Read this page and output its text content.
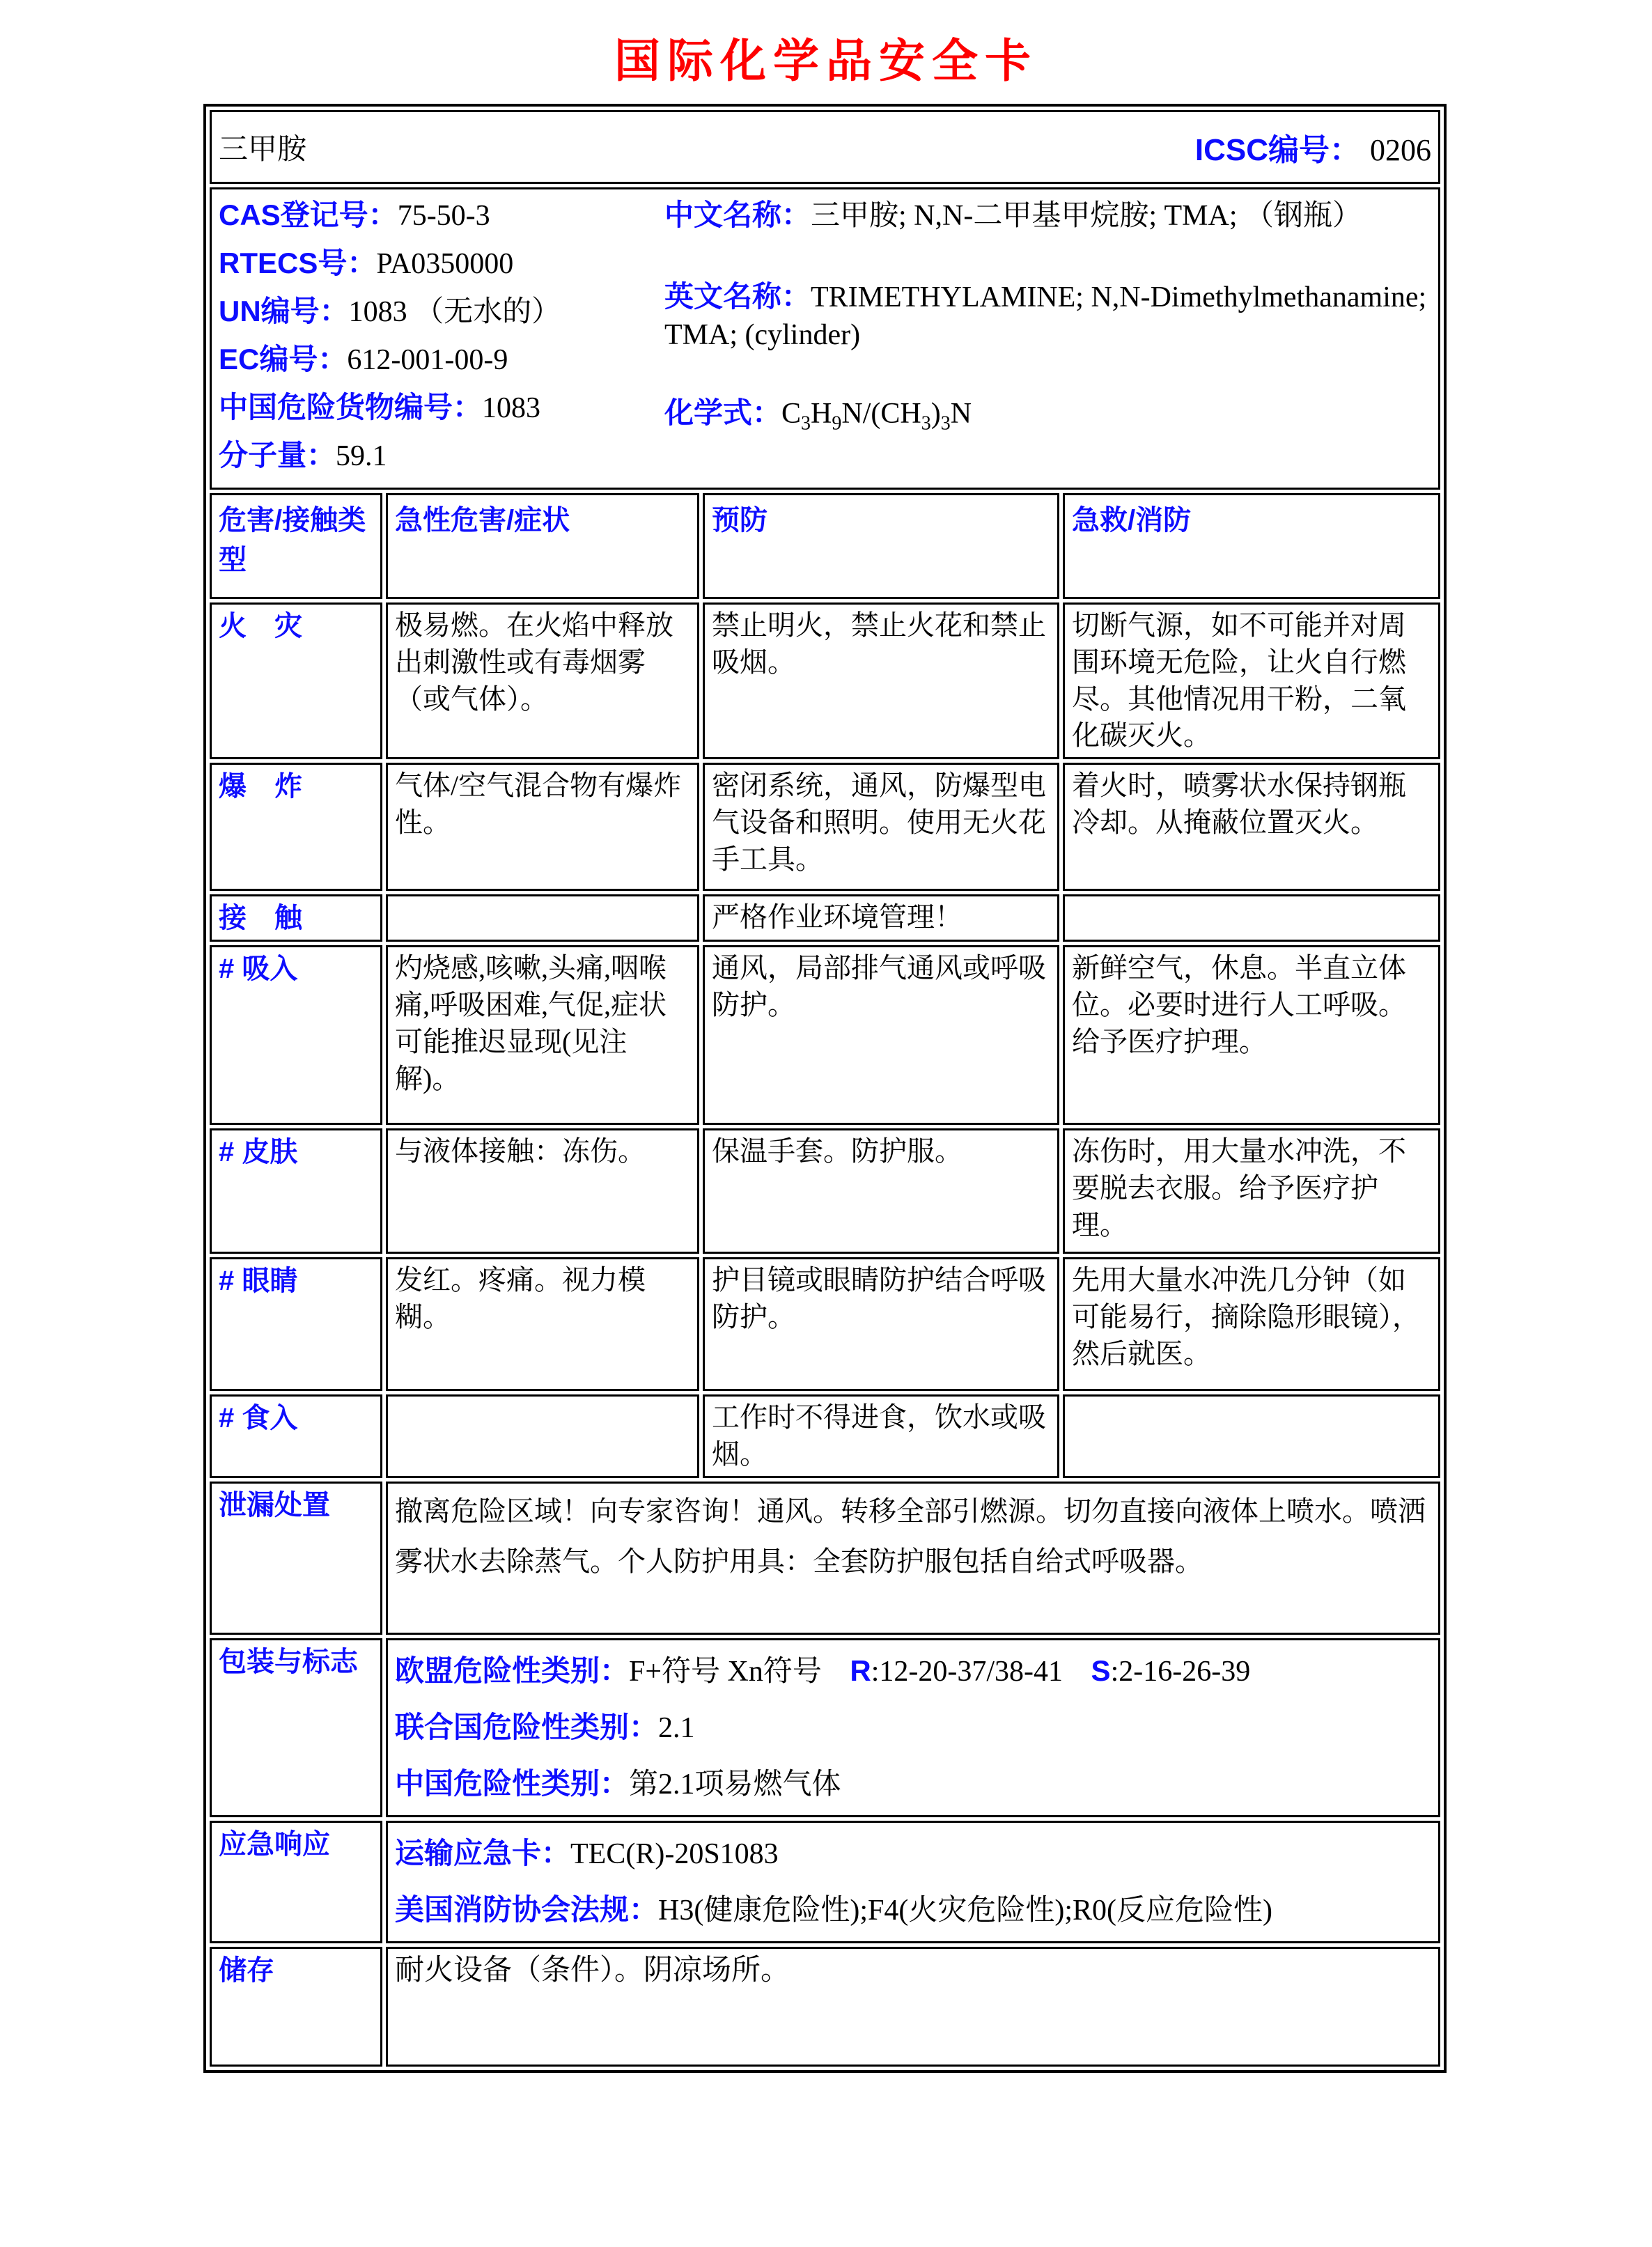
国际化学品安全卡
三甲胺 ICSC编号： 0206			

CAS登记号：75-50-3
RTECS号：PA0350000
UN编号：1083 （无水的）
EC编号：612-001-00-9
中国危险货物编号：1083
分子量：59.1
中文名称：三甲胺; N,N-二甲基甲烷胺; TMA; （钢瓶）
英文名称：TRIMETHYLAMINE; N,N-Dimethylmethanamine; TMA; (cylinder)
化学式：$C_3H_9N/(CH_3)_3N$

危害/接触类型	急性危害/症状	预防	急救/消防
火　灾	极易燃。在火焰中释放出刺激性或有毒烟雾（或气体）。	禁止明火，禁止火花和禁止吸烟。	切断气源，如不可能并对周围环境无危险，让火自行燃尽。其他情况用干粉，二氧化碳灭火。
爆　炸	气体/空气混合物有爆炸性。	密闭系统，通风，防爆型电气设备和照明。使用无火花手工具。	着火时，喷雾状水保持钢瓶冷却。从掩蔽位置灭火。
接　触		严格作业环境管理！	
# 吸入	灼烧感,咳嗽,头痛,咽喉痛,呼吸困难,气促,症状可能推迟显现(见注解)。	通风，局部排气通风或呼吸防护。	新鲜空气，休息。半直立体位。必要时进行人工呼吸。给予医疗护理。
# 皮肤	与液体接触：冻伤。	保温手套。防护服。	冻伤时，用大量水冲洗，不要脱去衣服。给予医疗护理。
# 眼睛	发红。疼痛。视力模糊。	护目镜或眼睛防护结合呼吸防护。	先用大量水冲洗几分钟（如可能易行，摘除隐形眼镜），然后就医。
# 食入		工作时不得进食，饮水或吸烟。	
泄漏处置	撤离危险区域！向专家咨询！通风。转移全部引燃源。切勿直接向液体上喷水。喷洒雾状水去除蒸气。个人防护用具：全套防护服包括自给式呼吸器。		
包装与标志	欧盟危险性类别：F+符号 Xn符号 R:12-20-37/38-41 S:2-16-26-39
联合国危险性类别：2.1
中国危险性类别：第2.1项易燃气体		

应急响应	运输应急卡：TEC(R)-20S1083
美国消防协会法规：H3(健康危险性);F4(火灾危险性);R0(反应危险性)		

储存	耐火设备（条件）。阴凉场所。		
